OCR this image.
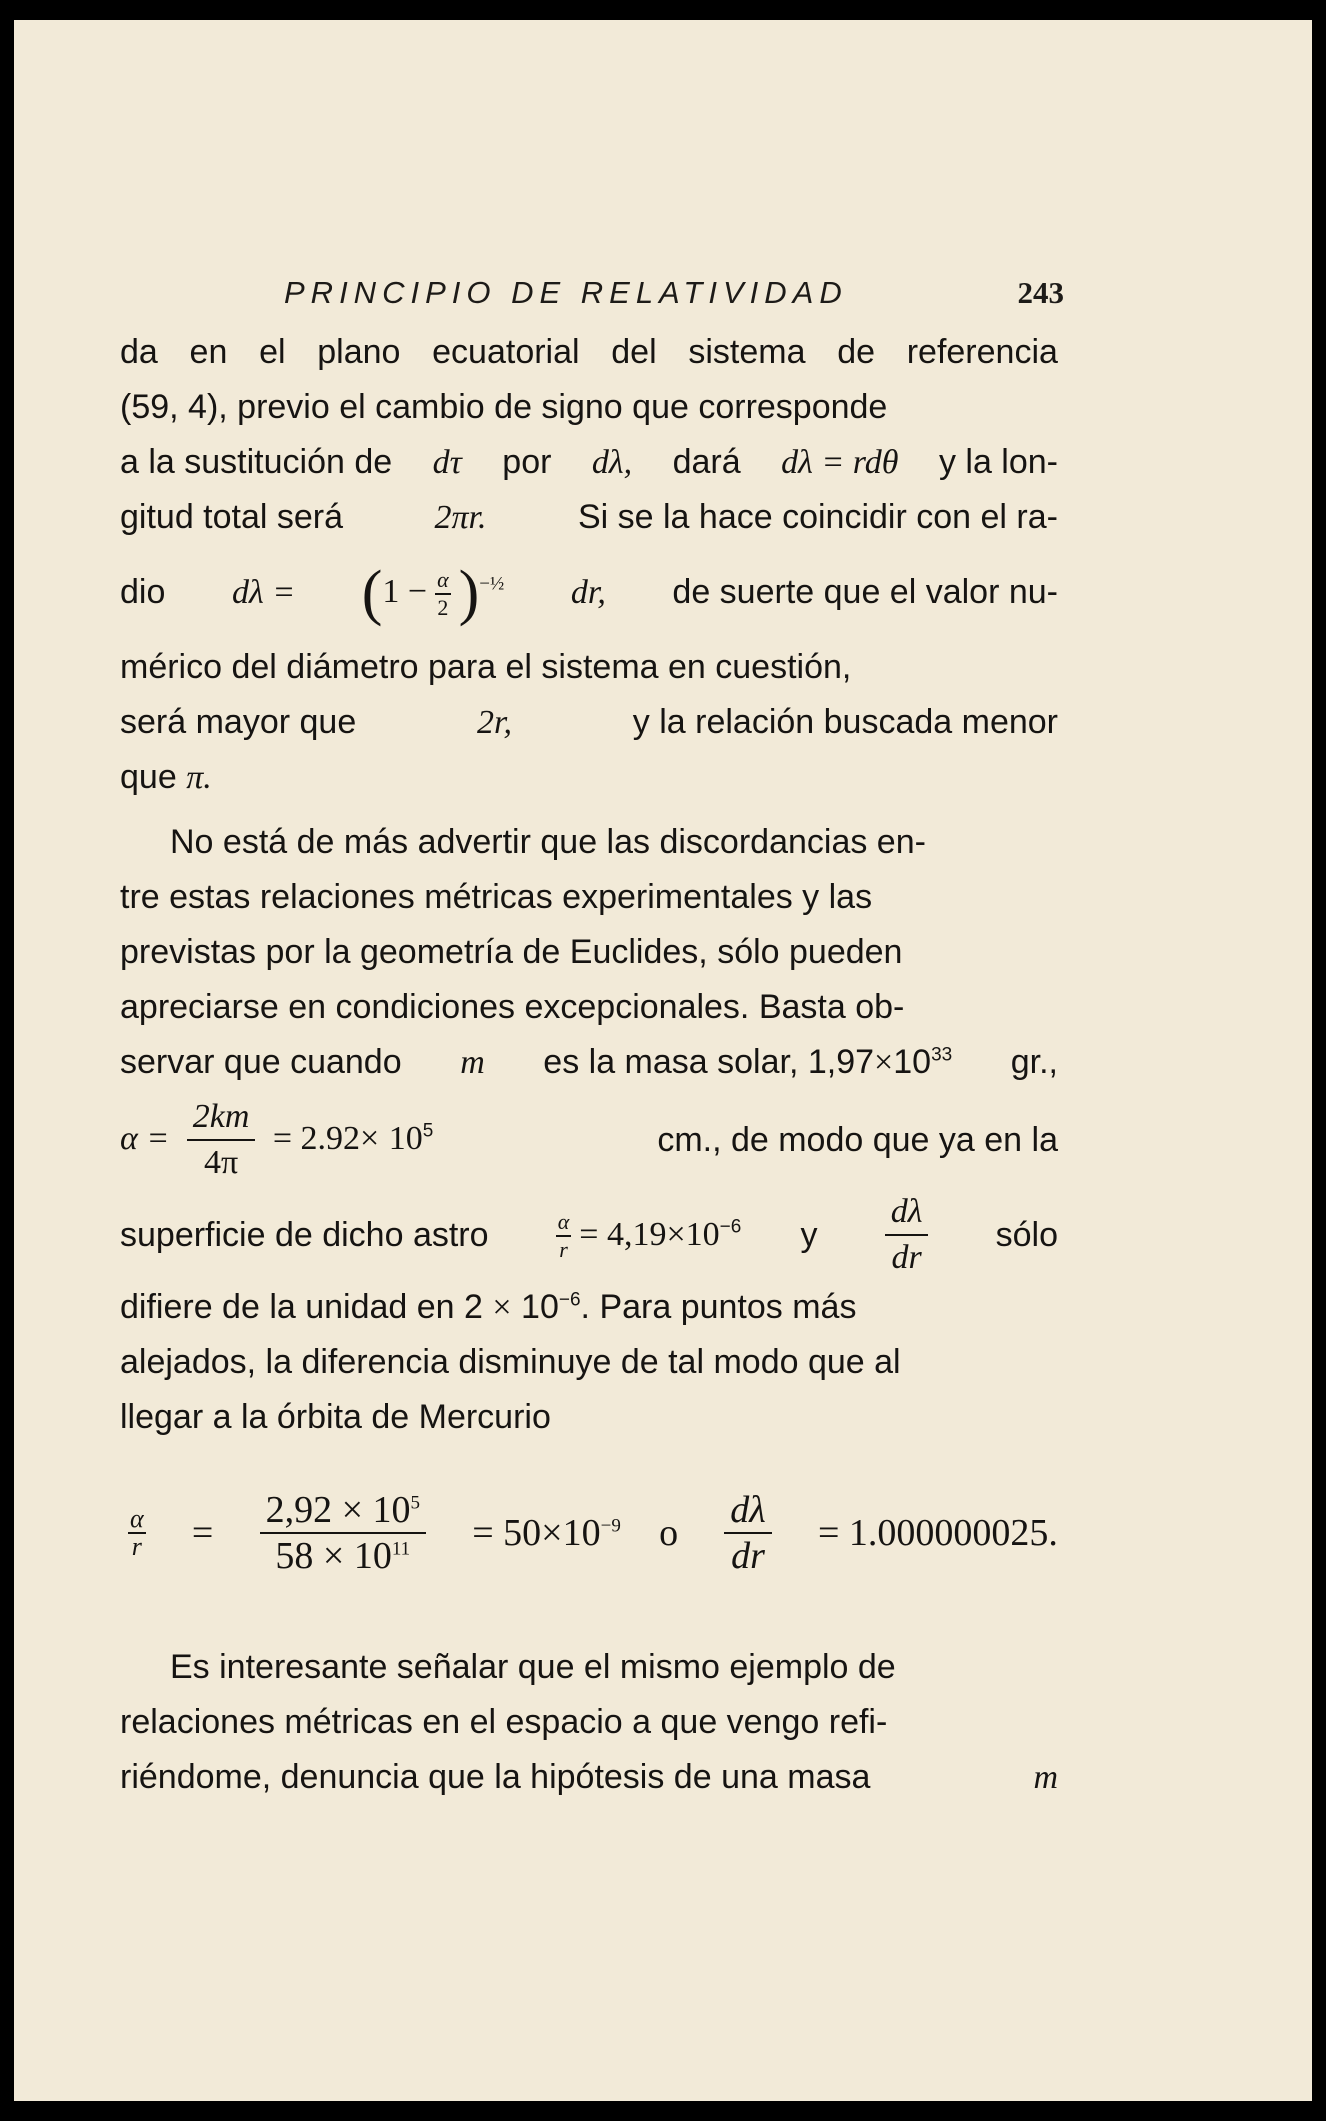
PRINCIPIO DE RELATIVIDAD	243
da en el plano ecuatorial del sistema de referencia
(59, 4), previo el cambio de signo que corresponde
a la sustitución de dτ por dλ, dará dλ = rdθ y la lon-
gitud total será	2πr.	Si se la hace coincidir con el ra-
dio $d\lambda = (1 - \frac{\alpha}{2} )^{-\frac{1}{2}}$ dr, de suerte que el valor nu-
mérico del diámetro para el sistema en cuestión,
será mayor que	2r,	y la relación buscada menor
que
π.
No está de más advertir que las discordancias en-
tre estas relaciones métricas experimentales y las
previstas por la geometría de Euclides, sólo pueden
apreciarse en condiciones excepcionales. Basta ob-
servar que cuando m es la masa solar, $1,97\times 10^{33}$ gr.,
$\alpha = \frac{2km}{4\pi} = 2.92\times 10^5$	cm., de modo que ya en la
superficie de dicho astro	$\frac{\alpha}{r} = 4,19\times 10^{-6}$ y $\frac{d\lambda}{dr}$ sólo
difiere de la unidad en $2 \times 10^{-6}$. Para puntos más
alejados, la diferencia disminuye de tal modo que al
llegar a la órbita de Mercurio
$\frac{\alpha}{r} = \frac{2,92 \times 10^5}{58 \times 10^{11}} = 50\times 10^{-9}$ o $\frac{d\lambda}{dr} = 1.000000025$.
Es interesante señalar que el mismo ejemplo de
relaciones métricas en el espacio a que vengo refi-
riéndome, denuncia que la hipótesis de una masa	m
